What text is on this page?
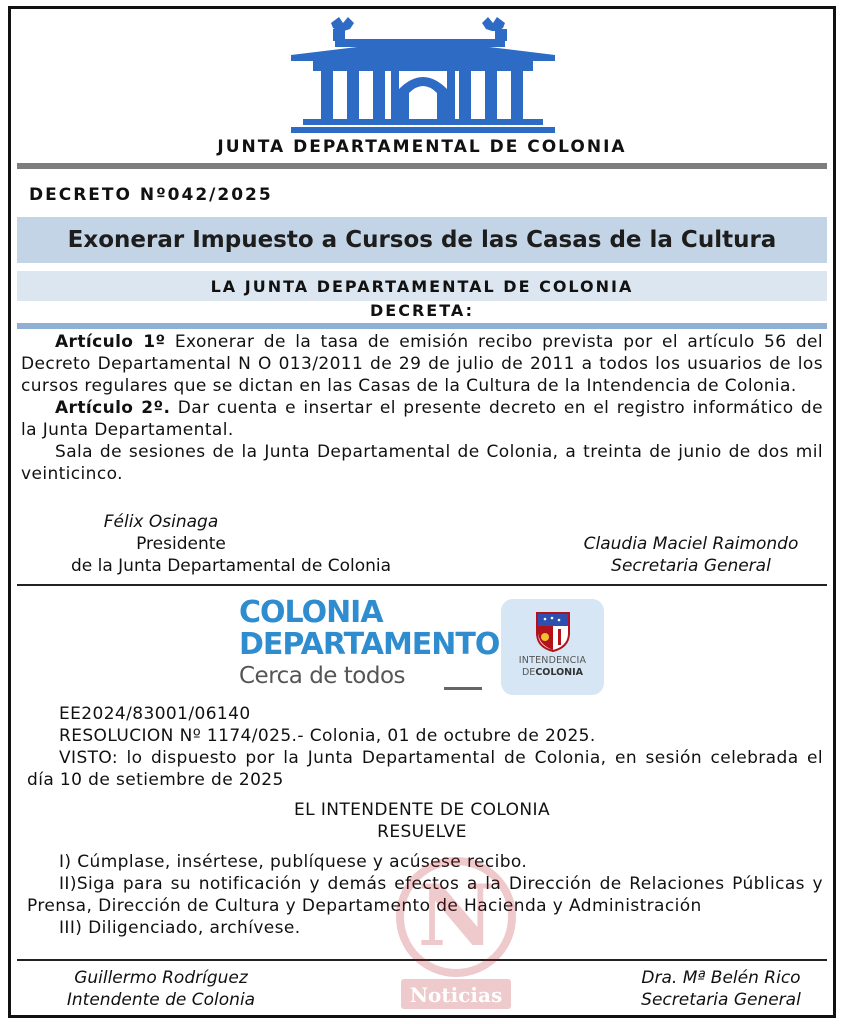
JUNTA DEPARTAMENTAL DE COLONIA
DECRETO Nº042/2025
Exonerar Impuesto a Cursos de las Casas de la Cultura
LA JUNTA DEPARTAMENTAL DE COLONIA
DECRETA:

Artículo 1º Exonerar de la tasa de emisión recibo prevista por el artículo 56 del Decreto Departamental N O 013/2011 de 29 de julio de 2011 a todos los usuarios de los cursos regulares que se dictan en las Casas de la Cultura de la Intendencia de Colonia.

Artículo 2º. Dar cuenta e insertar el presente decreto en el registro informático de la Junta Departamental.

Sala de sesiones de la Junta Departamental de Colonia, a treinta de junio de dos mil veinticinco.

Félix Osinaga
Presidente
de la Junta Departamental de Colonia
Claudia Maciel Raimondo
Secretaria General
COLONIA
DEPARTAMENTO
Cerca de todos
INTENDENCIA
DECOLONIA

EE2024/83001/06140

RESOLUCION Nº 1174/025.- Colonia, 01 de octubre de 2025.

VISTO: lo dispuesto por la Junta Departamental de Colonia, en sesión celebrada el día 10 de setiembre de 2025

EL INTENDENTE DE COLONIA
RESUELVE

I) Cúmplase, insértese, publíquese y acúsese recibo.

II)Siga para su notificación y demás efectos a la Dirección de Relaciones Públicas y Prensa, Dirección de Cultura y Departamento de Hacienda y Administración

III) Diligenciado, archívese.

Guillermo Rodríguez
Intendente de Colonia
Dra. Mª Belén Rico
Secretaria General
N
Noticias
